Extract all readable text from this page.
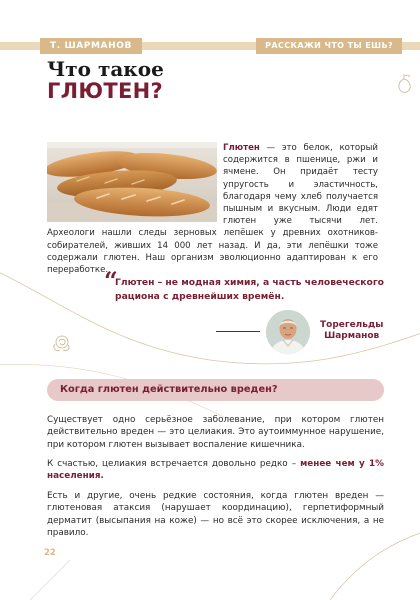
Т. ШАРМАНОВ	РАССКАЖИ ЧТО ТЫ ЕШЬ?
Что такое
ГЛЮТЕН?

Глютен — это белок, который содержится в пшенице, ржи и ячмене. Он придаёт тесту упругость и эластичность, благодаря чему хлеб получается пышным и вкусным. Люди едят глютен уже тысячи лет. Археологи нашли следы зерновых лепёшек у древних охотников-собирателей, живших 14 000 лет назад. И да, эти лепёшки тоже содержали глютен. Наш организм эволюционно адаптирован к его переработке.

“

Глютен – не модная химия, а часть человеческого рациона с древнейших времён.

Торегельды
Шарманов
Когда глютен действительно вреден?

Существует одно серьёзное заболевание, при котором глютен действительно вреден — это целиакия. Это аутоиммунное нарушение, при котором глютен вызывает воспаление кишечника.

К счастью, целиакия встречается довольно редко – менее чем у 1% населения.

Есть и другие, очень редкие состояния, когда глютен вреден — глютеновая атаксия (нарушает координацию), герпетиформный дерматит (высыпания на коже) — но всё это скорее исключения, а не правило.

22
